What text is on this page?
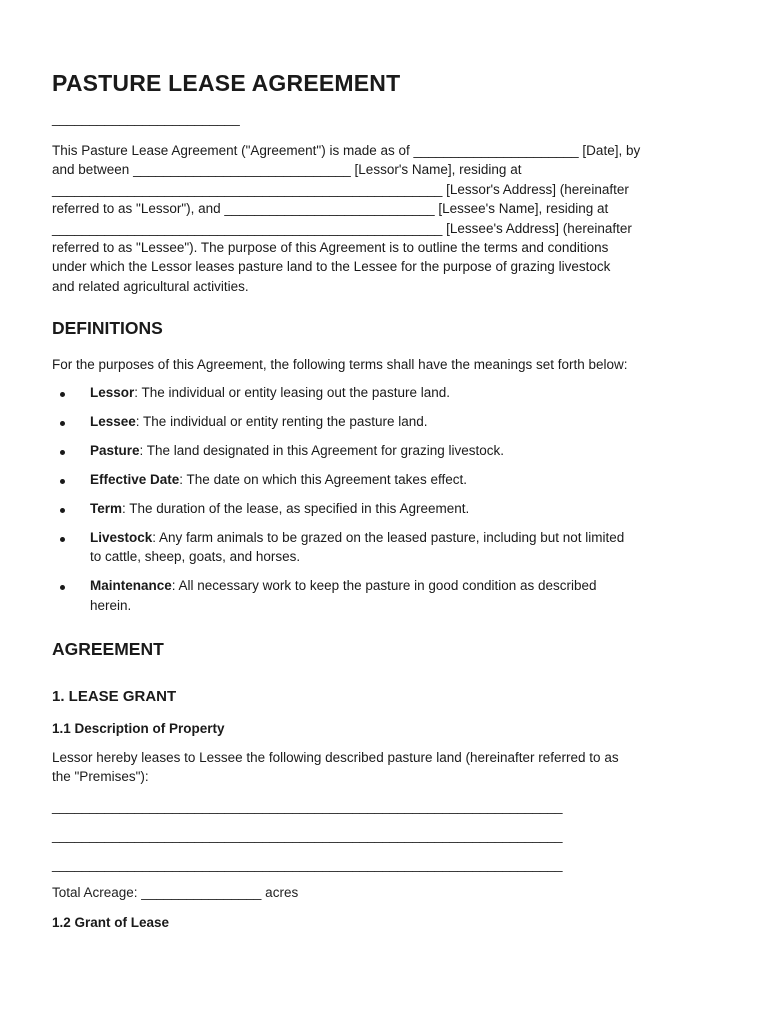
PASTURE LEASE AGREEMENT

_________________________

This Pasture Lease Agreement ("Agreement") is made as of ______________________ [Date], by
and between _____________________________ [Lessor's Name], residing at
____________________________________________________ [Lessor's Address] (hereinafter
referred to as "Lessor"), and ____________________________ [Lessee's Name], residing at
____________________________________________________ [Lessee's Address] (hereinafter
referred to as "Lessee"). The purpose of this Agreement is to outline the terms and conditions
under which the Lessor leases pasture land to the Lessee for the purpose of grazing livestock
and related agricultural activities.

DEFINITIONS

For the purposes of this Agreement, the following terms shall have the meanings set forth below:

Lessor: The individual or entity leasing out the pasture land.
Lessee: The individual or entity renting the pasture land.
Pasture: The land designated in this Agreement for grazing livestock.
Effective Date: The date on which this Agreement takes effect.
Term: The duration of the lease, as specified in this Agreement.
Livestock: Any farm animals to be grazed on the leased pasture, including but not limited
to cattle, sheep, goats, and horses.
Maintenance: All necessary work to keep the pasture in good condition as described
herein.
AGREEMENT
1. LEASE GRANT
1.1 Description of Property

Lessor hereby leases to Lessee the following described pasture land (hereinafter referred to as
the "Premises"):

____________________________________________________________________

____________________________________________________________________

____________________________________________________________________

Total Acreage: ________________ acres

1.2 Grant of Lease
